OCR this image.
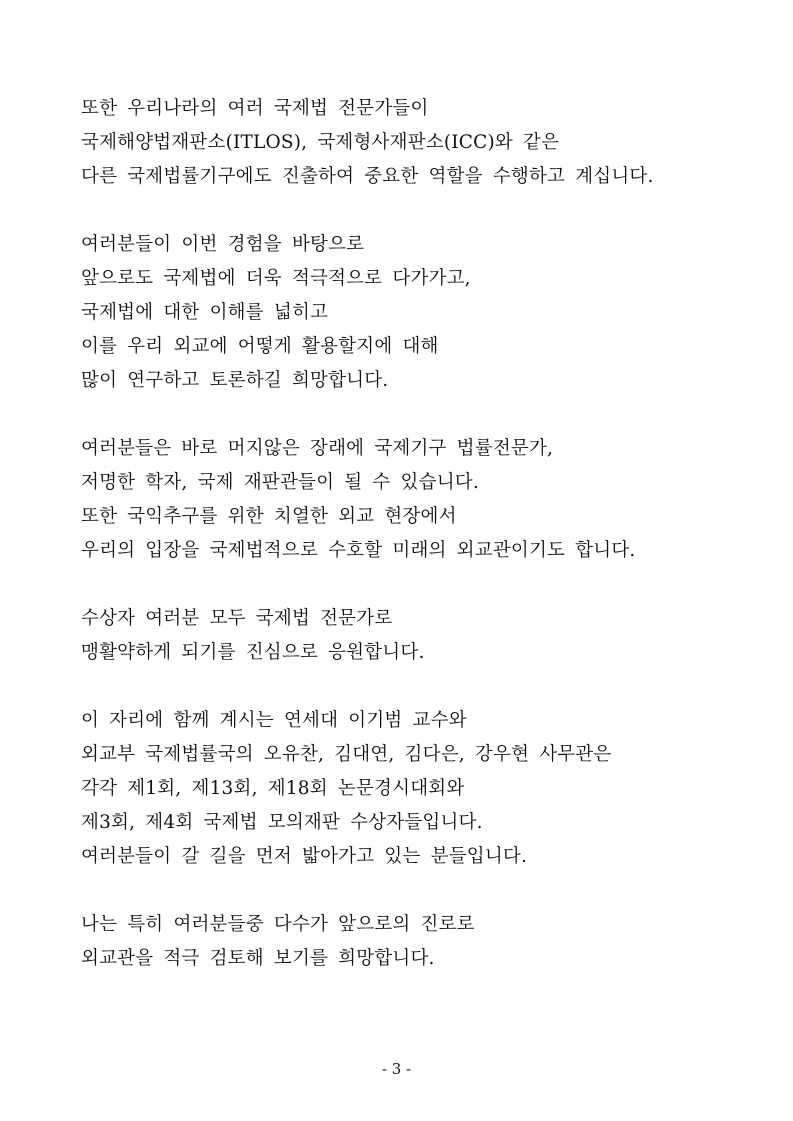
또한 우리나라의 여러 국제법 전문가들이
국제해양법재판소(ITLOS), 국제형사재판소(ICC)와 같은
다른 국제법률기구에도 진출하여 중요한 역할을 수행하고 계십니다.
여러분들이 이번 경험을 바탕으로
앞으로도 국제법에 더욱 적극적으로 다가가고,
국제법에 대한 이해를 넓히고
이를 우리 외교에 어떻게 활용할지에 대해
많이 연구하고 토론하길 희망합니다.
여러분들은 바로 머지않은 장래에 국제기구 법률전문가,
저명한 학자, 국제 재판관들이 될 수 있습니다.
또한 국익추구를 위한 치열한 외교 현장에서
우리의 입장을 국제법적으로 수호할 미래의 외교관이기도 합니다.
수상자 여러분 모두 국제법 전문가로
맹활약하게 되기를 진심으로 응원합니다.
이 자리에 함께 계시는 연세대 이기범 교수와
외교부 국제법률국의 오유찬, 김대연, 김다은, 강우현 사무관은
각각 제1회, 제13회, 제18회 논문경시대회와
제3회, 제4회 국제법 모의재판 수상자들입니다.
여러분들이 갈 길을 먼저 밟아가고 있는 분들입니다.
나는 특히 여러분들중 다수가 앞으로의 진로로
외교관을 적극 검토해 보기를 희망합니다.
- 3 -
